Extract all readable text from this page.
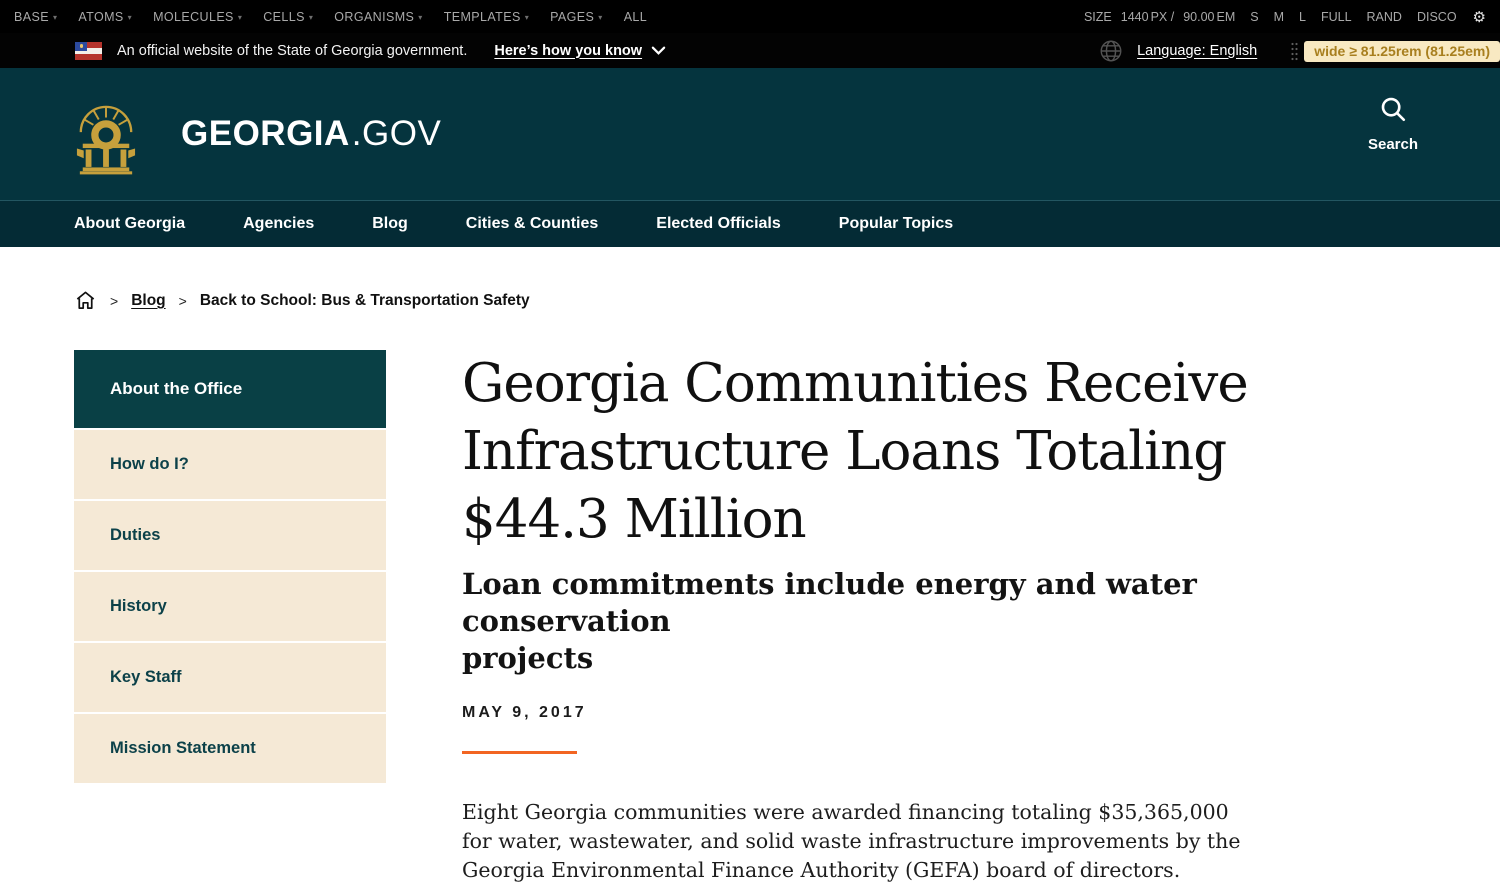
BASE ▾ ATOMS ▾ MOLECULES ▾ CELLS ▾ ORGANISMS ▾ TEMPLATES ▾ PAGES ▾ ALL	SIZE 1440 PX / 90.00 EM S M L FULL RAND DISCO ⚙
An official website of the State of Georgia government. Here’s how you know	Language: English	wide ≥ 81.25rem (81.25em)
GEORGIA.GOV	Search
About Georgia	Agencies	Blog	Cities & Counties	Elected Officials	Popular Topics
> Blog > Back to School: Bus & Transportation Safety
About the Office
How do I?
Duties
History
Key Staff
Mission Statement
Georgia Communities Receive
Infrastructure Loans Totaling
$44.3 Million
Loan commitments include energy and water conservation
projects
MAY 9, 2017
Eight Georgia communities were awarded financing totaling $35,365,000
for water, wastewater, and solid waste infrastructure improvements by the
Georgia Environmental Finance Authority (GEFA) board of directors.
